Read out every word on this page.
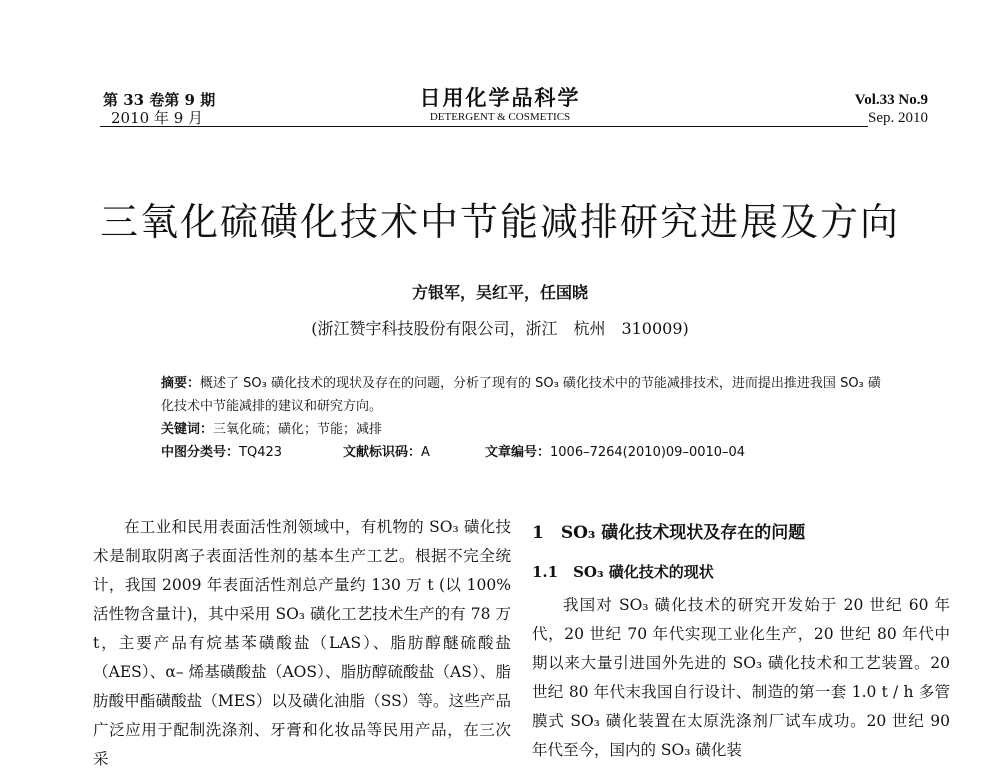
第 33 卷第 9 期
2010 年 9 月
日用化学品科学
DETERGENT & COSMETICS
Vol.33 No.9
Sep. 2010
三氧化硫磺化技术中节能减排研究进展及方向
方银军，吴红平，任国晓
(浙江赞宇科技股份有限公司，浙江　杭州　310009)
摘要：概述了 SO₃ 磺化技术的现状及存在的问题，分析了现有的 SO₃ 磺化技术中的节能减排技术，进而提出推进我国 SO₃ 磺化技术中节能减排的建议和研究方向。
关键词：三氧化硫；磺化；节能；减排
中图分类号：TQ423	文献标识码：A	文章编号：1006–7264(2010)09–0010–04

在工业和民用表面活性剂领域中，有机物的 SO₃ 磺化技术是制取阴离子表面活性剂的基本生产工艺。根据不完全统计，我国 2009 年表面活性剂总产量约 130 万 t (以 100%活性物含量计)，其中采用 SO₃ 磺化工艺技术生产的有 78 万 t，主要产品有烷基苯磺酸盐（LAS）、脂肪醇醚硫酸盐（AES）、α– 烯基磺酸盐（AOS）、脂肪醇硫酸盐（AS）、脂肪酸甲酯磺酸盐（MES）以及磺化油脂（SS）等。这些产品广泛应用于配制洗涤剂、牙膏和化妆品等民用产品，在三次采

1　SO₃ 磺化技术现状及存在的问题
1.1　SO₃ 磺化技术的现状

我国对 SO₃ 磺化技术的研究开发始于 20 世纪 60 年代，20 世纪 70 年代实现工业化生产，20 世纪 80 年代中期以来大量引进国外先进的 SO₃ 磺化技术和工艺装置。20 世纪 80 年代末我国自行设计、制造的第一套 1.0 t / h 多管膜式 SO₃ 磺化装置在太原洗涤剂厂试车成功。20 世纪 90 年代至今，国内的 SO₃ 磺化装
